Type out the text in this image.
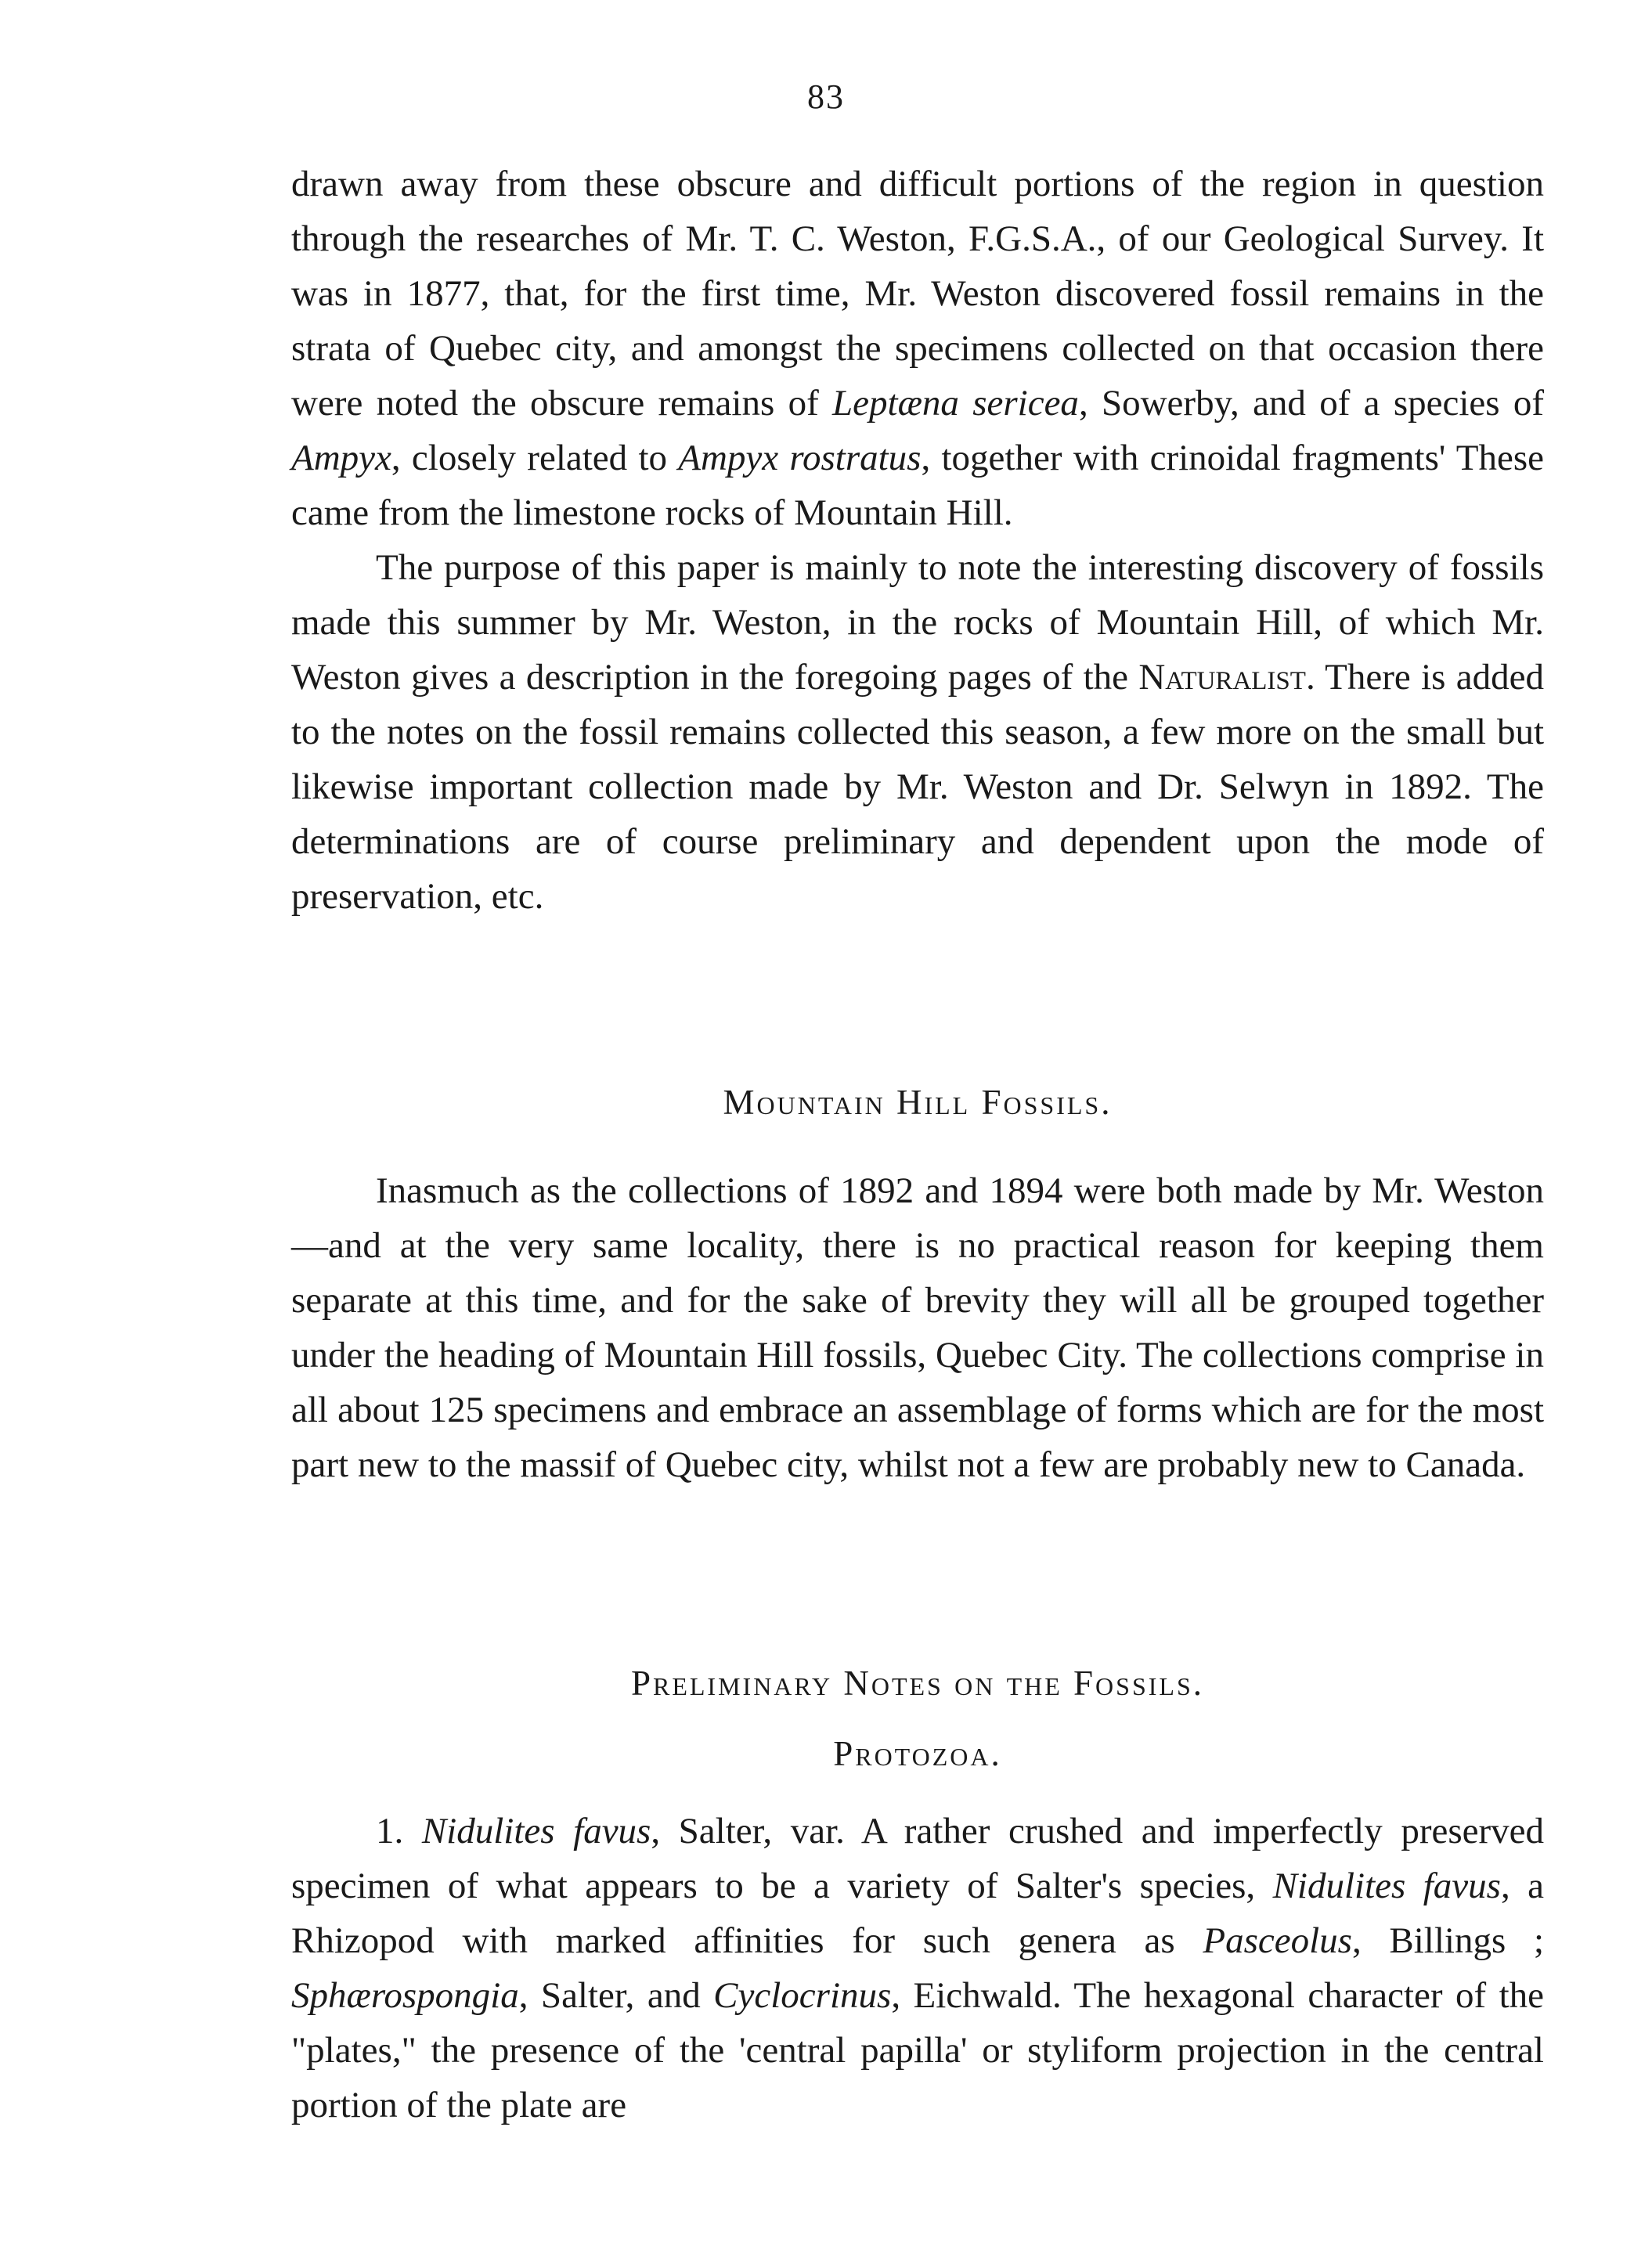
83

drawn away from these obscure and difficult portions of the region in question through the researches of Mr. T. C. Weston, F.G.S.A., of our Geological Survey. It was in 1877, that, for the first time, Mr. Weston discovered fossil remains in the strata of Quebec city, and amongst the specimens collected on that occasion there were noted the obscure remains of Leptæna sericea, Sowerby, and of a species of Ampyx, closely related to Ampyx rostratus, together with crinoidal fragments' These came from the limestone rocks of Mountain Hill.

The purpose of this paper is mainly to note the interesting discovery of fossils made this summer by Mr. Weston, in the rocks of Mountain Hill, of which Mr. Weston gives a description in the foregoing pages of the Naturalist. There is added to the notes on the fossil remains collected this season, a few more on the small but likewise important collection made by Mr. Weston and Dr. Selwyn in 1892. The determinations are of course preliminary and dependent upon the mode of preservation, etc.

Mountain Hill Fossils.

Inasmuch as the collections of 1892 and 1894 were both made by Mr. Weston—and at the very same locality, there is no practical reason for keeping them separate at this time, and for the sake of brevity they will all be grouped together under the heading of Mountain Hill fossils, Quebec City. The collections comprise in all about 125 specimens and embrace an assemblage of forms which are for the most part new to the massif of Quebec city, whilst not a few are probably new to Canada.

Preliminary Notes on the Fossils.
Protozoa.

1. Nidulites favus, Salter, var. A rather crushed and imperfectly preserved specimen of what appears to be a variety of Salter's species, Nidulites favus, a Rhizopod with marked affinities for such genera as Pasceolus, Billings ; Sphærospongia, Salter, and Cyclocrinus, Eichwald. The hexagonal character of the "plates," the presence of the 'central papilla' or styliform projection in the central portion of the plate are
